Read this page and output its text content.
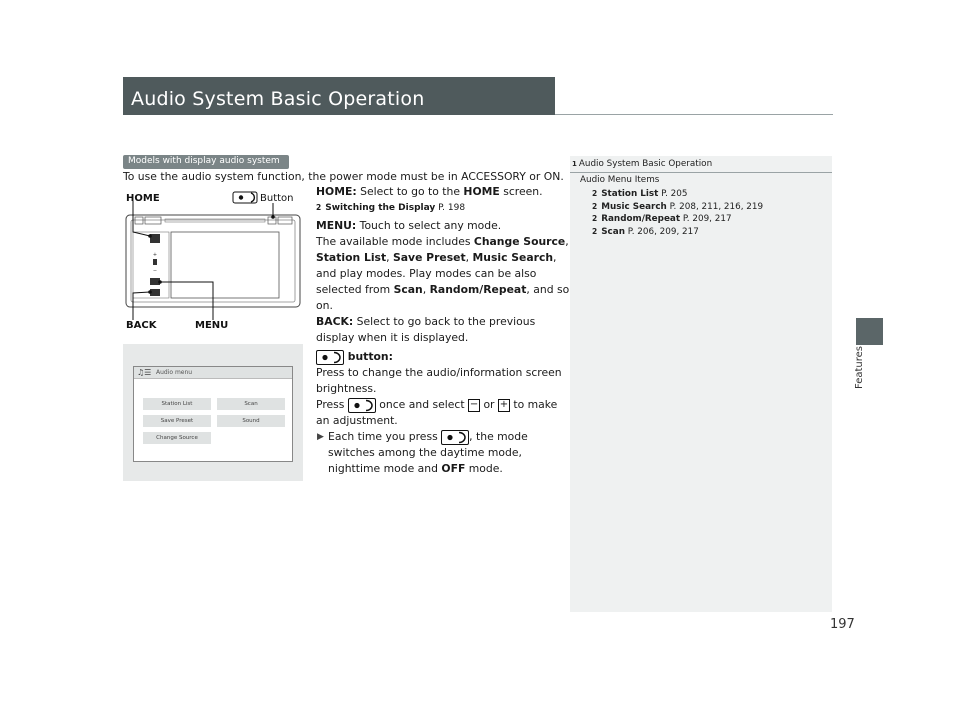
Audio System Basic Operation
Features
197
Models with display audio system
To use the audio system function, the power mode must be in ACCESSORY or ON.
HOME	Button
+
−
BACK	MENU
♫☰ Audio menu
Station List	Scan
Save Preset	Sound
Change Source
HOME: Select to go to the HOME screen.
2 Switching the Display P. 198
MENU: Touch to select any mode.
The available mode includes Change Source,
Station List, Save Preset, Music Search,
and play modes. Play modes can be also
selected from Scan, Random/Repeat, and so
on.
BACK: Select to go back to the previous
display when it is displayed.
button:
Press to change the audio/information screen
brightness.
Press	once and select − or + to make
an adjustment.
▶ Each time you press	, the mode
switches among the daytime mode,
nighttime mode and OFF mode.
1 Audio System Basic Operation
Audio Menu Items
2 Station List P. 205
2 Music Search P. 208, 211, 216, 219
2 Random/Repeat P. 209, 217
2 Scan P. 206, 209, 217
